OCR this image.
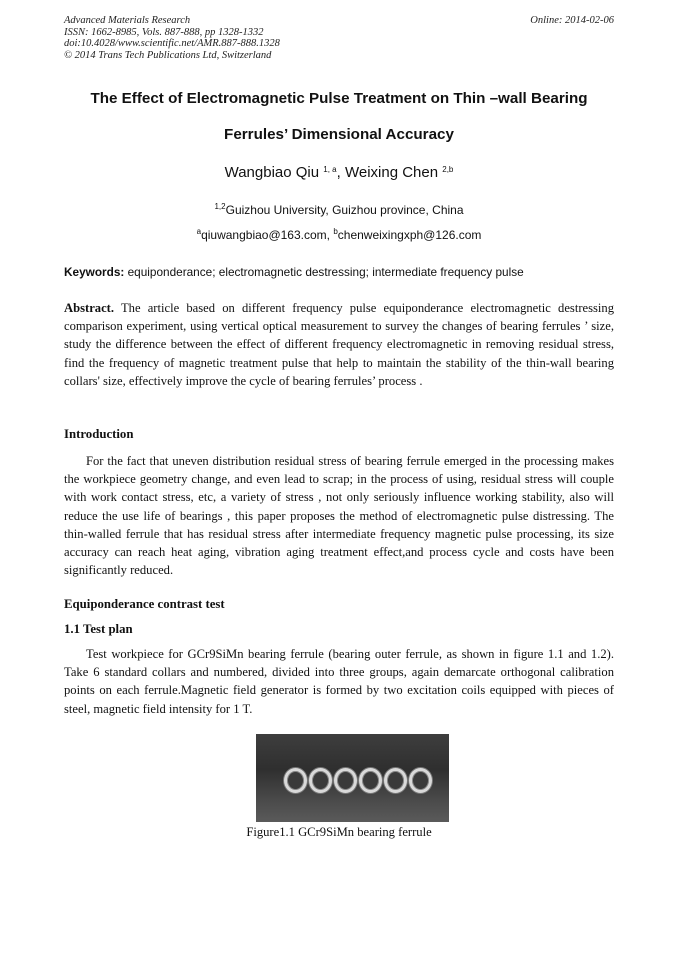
Advanced Materials Research
ISSN: 1662-8985, Vols. 887-888, pp 1328-1332
doi:10.4028/www.scientific.net/AMR.887-888.1328
© 2014 Trans Tech Publications Ltd, Switzerland
Online: 2014-02-06
The Effect of Electromagnetic Pulse Treatment on Thin –wall Bearing
Ferrules’ Dimensional Accuracy
Wangbiao Qiu $^{1, a}$, Weixing Chen $^{2,b}$
$^{1,2}$Guizhou University, Guizhou province, China
$^a$qiuwangbiao@163.com, $^b$chenweixingxph@126.com
Keywords: equiponderance; electromagnetic destressing; intermediate frequency pulse
Abstract. The article based on different frequency pulse equiponderance electromagnetic destressing comparison experiment, using vertical optical measurement to survey the changes of bearing ferrules ’ size, study the difference between the effect of different frequency electromagnetic in removing residual stress, find the frequency of magnetic treatment pulse that help to maintain the stability of the thin-wall bearing collars' size, effectively improve the cycle of bearing ferrules’ process .
Introduction
For the fact that uneven distribution residual stress of bearing ferrule emerged in the processing makes the workpiece geometry change, and even lead to scrap; in the process of using, residual stress will couple with work contact stress, etc, a variety of stress , not only seriously influence working stability, also will reduce the use life of bearings , this paper proposes the method of electromagnetic pulse distressing. The thin-walled ferrule that has residual stress after intermediate frequency magnetic pulse processing, its size accuracy can reach heat aging, vibration aging treatment effect,and process cycle and costs have been significantly reduced.
Equiponderance contrast test
1.1 Test plan
Test workpiece for GCr9SiMn bearing ferrule (bearing outer ferrule, as shown in figure 1.1 and 1.2). Take 6 standard collars and numbered, divided into three groups, again demarcate orthogonal calibration points on each ferrule.Magnetic field generator is formed by two excitation coils equipped with pieces of steel, magnetic field intensity for 1 T.
Figure1.1 GCr9SiMn bearing ferrule
